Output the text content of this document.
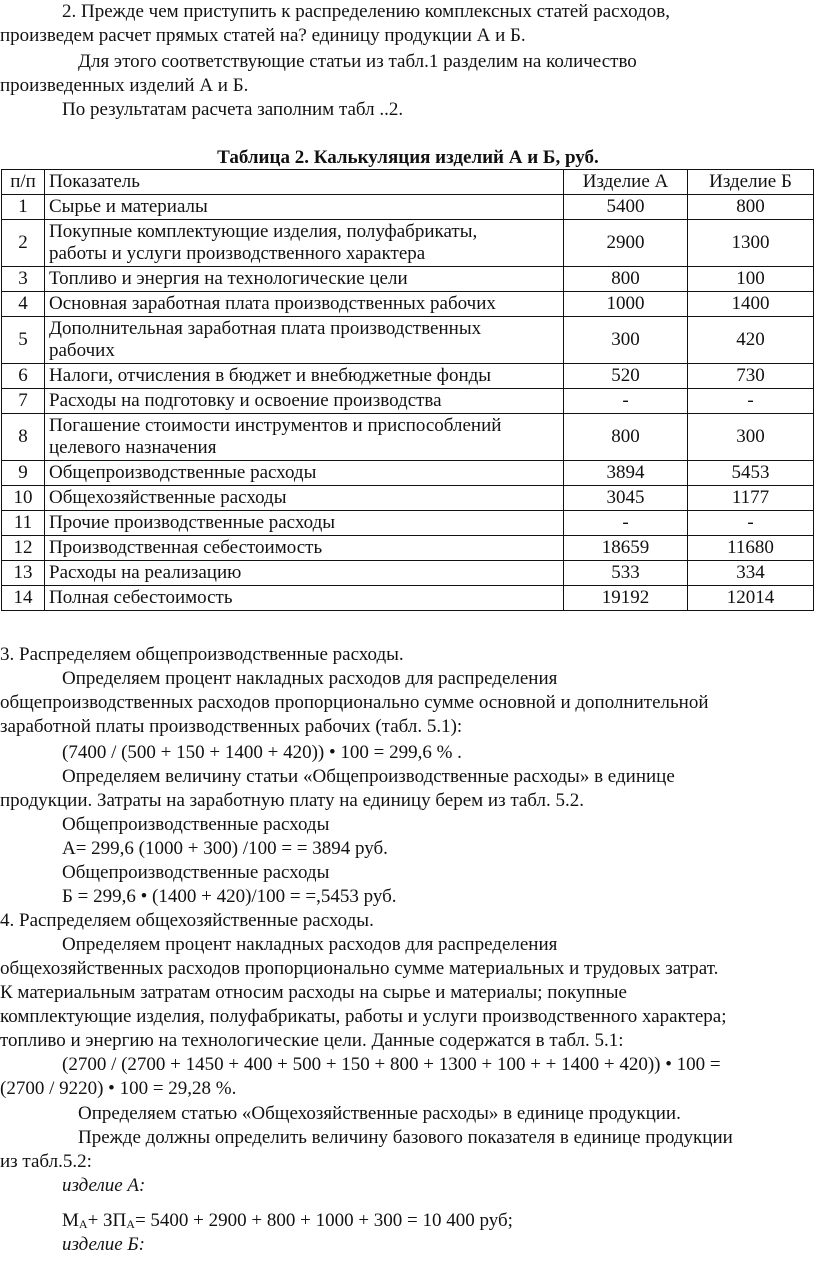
2. Прежде чем приступить к распределению комплексных статей расходов,
произведем расчет прямых статей на? единицу продукции А и Б.
Для этого соответствующие статьи из табл.1 разделим на количество
произведенных изделий А и Б.
По результатам расчета заполним табл ..2.
Таблица 2. Калькуляция изделий А и Б, руб.
п/п	Показатель	Изделие А	Изделие Б
1	Сырье и материалы	5400	800
2	Покупные комплектующие изделия, полуфабрикаты,
работы и услуги производственного характера	2900	1300
3	Топливо и энергия на технологические цели	800	100
4	Основная заработная плата производственных рабочих	1000	1400
5	Дополнительная заработная плата производственных
рабочих	300	420
6	Налоги, отчисления в бюджет и внебюджетные фонды	520	730
7	Расходы на подготовку и освоение производства	-	-
8	Погашение стоимости инструментов и приспособлений
целевого назначения	800	300
9	Общепроизводственные расходы	3894	5453
10	Общехозяйственные расходы	3045	1177
11	Прочие производственные расходы	-	-
12	Производственная себестоимость	18659	11680
13	Расходы на реализацию	533	334
14	Полная себестоимость	19192	12014
3. Распределяем общепроизводственные расходы.
Определяем процент накладных расходов для распределения
общепроизводственных расходов пропорционально сумме основной и дополнительной
заработной платы производственных рабочих (табл. 5.1):
(7400 / (500 + 150 + 1400 + 420)) • 100 = 299,6 % .
Определяем величину статьи «Общепроизводственные расходы» в единице
продукции. Затраты на заработную плату на единицу берем из табл. 5.2.
Общепроизводственные расходы
А= 299,6 (1000 + 300) /100 = = 3894 руб.
Общепроизводственные расходы
Б = 299,6 • (1400 + 420)/100 = =,5453 руб.
4. Распределяем общехозяйственные расходы.
Определяем процент накладных расходов для распределения
общехозяйственных расходов пропорционально сумме материальных и трудовых затрат.
К материальным затратам относим расходы на сырье и материалы; покупные
комплектующие изделия, полуфабрикаты, работы и услуги производственного характера;
топливо и энергию на технологические цели. Данные содержатся в табл. 5.1:
(2700 / (2700 + 1450 + 400 + 500 + 150 + 800 + 1300 + 100 + + 1400 + 420)) • 100 =
(2700 / 9220) • 100 = 29,28 %.
Определяем статью «Общехозяйственные расходы» в единице продукции.
Прежде должны определить величину базового показателя в единице продукции
из табл.5.2:
изделие А:
$М_А+ ЗП_А= 5400 + 2900 + 800 + 1000 + 300 = 10$ 400 руб;
изделие Б:
